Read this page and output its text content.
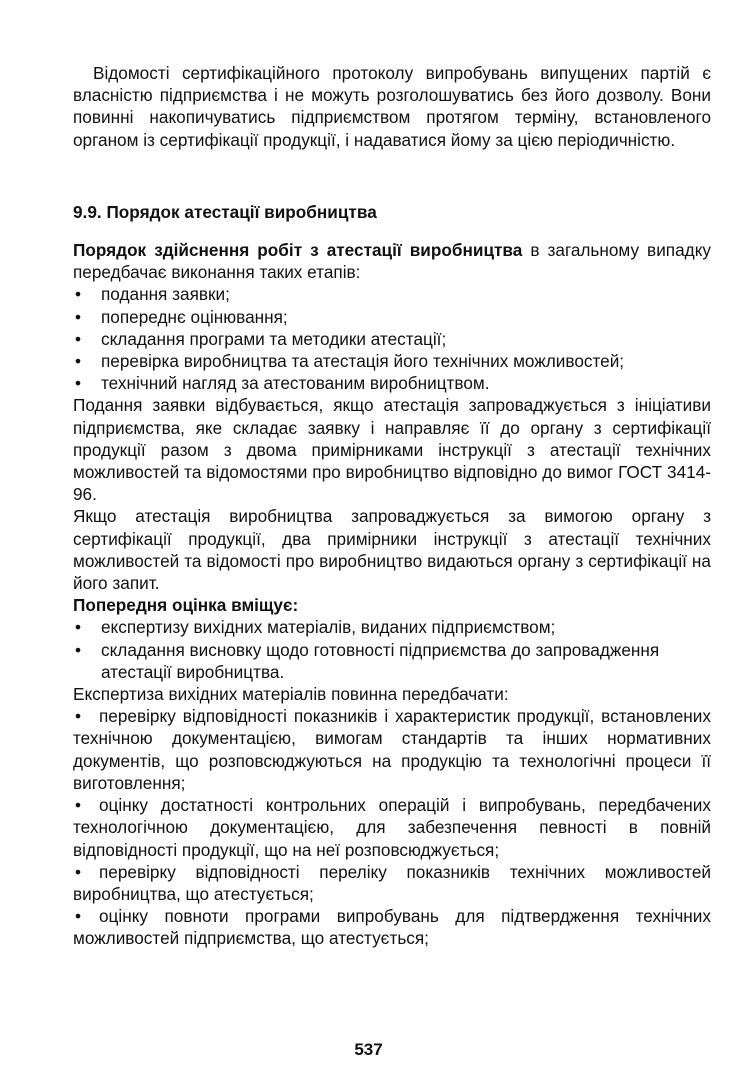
Відомості сертифікаційного протоколу випробувань випущених партій є власністю підприємства і не можуть розголошуватись без його дозволу. Вони повинні накопичуватись підприємством протягом терміну, встановленого органом із сертифікації продукції, і надаватися йому за цією періодичністю.

9.9. Порядок атестації виробництва

Порядок здійснення робіт з атестації виробництва в загальному випадку передбачає виконання таких етапів:

• подання заявки;
• попереднє оцінювання;
• складання програми та методики атестації;
• перевірка виробництва та атестація його технічних можливостей;
• технічний нагляд за атестованим виробництвом.

Подання заявки відбувається, якщо атестація запроваджується з ініціативи підприємства, яке складає заявку і направляє її до органу з сертифікації продукції разом з двома примірниками інструкції з атестації технічних можливостей та відомостями про виробництво відповідно до вимог ГОСТ 3414-96.

Якщо атестація виробництва запроваджується за вимогою органу з сертифікації продукції, два примірники інструкції з атестації технічних можливостей та відомості про виробництво видаються органу з сертифікації на його запит.

Попередня оцінка вміщує:

• експертизу вихідних матеріалів, виданих підприємством;
• складання висновку щодо готовності підприємства до запровадження атестації виробництва.

Експертиза вихідних матеріалів повинна передбачати:

• перевірку відповідності показників і характеристик продукції, встановлених технічною документацією, вимогам стандартів та інших нормативних документів, що розповсюджуються на продукцію та технологічні процеси її виготовлення;

• оцінку достатності контрольних операцій і випробувань, передбачених технологічною документацією, для забезпечення певності в повній відповідності продукції, що на неї розповсюджується;

• перевірку відповідності переліку показників технічних можливостей виробництва, що атестується;

• оцінку повноти програми випробувань для підтвердження технічних можливостей підприємства, що атестується;

537
